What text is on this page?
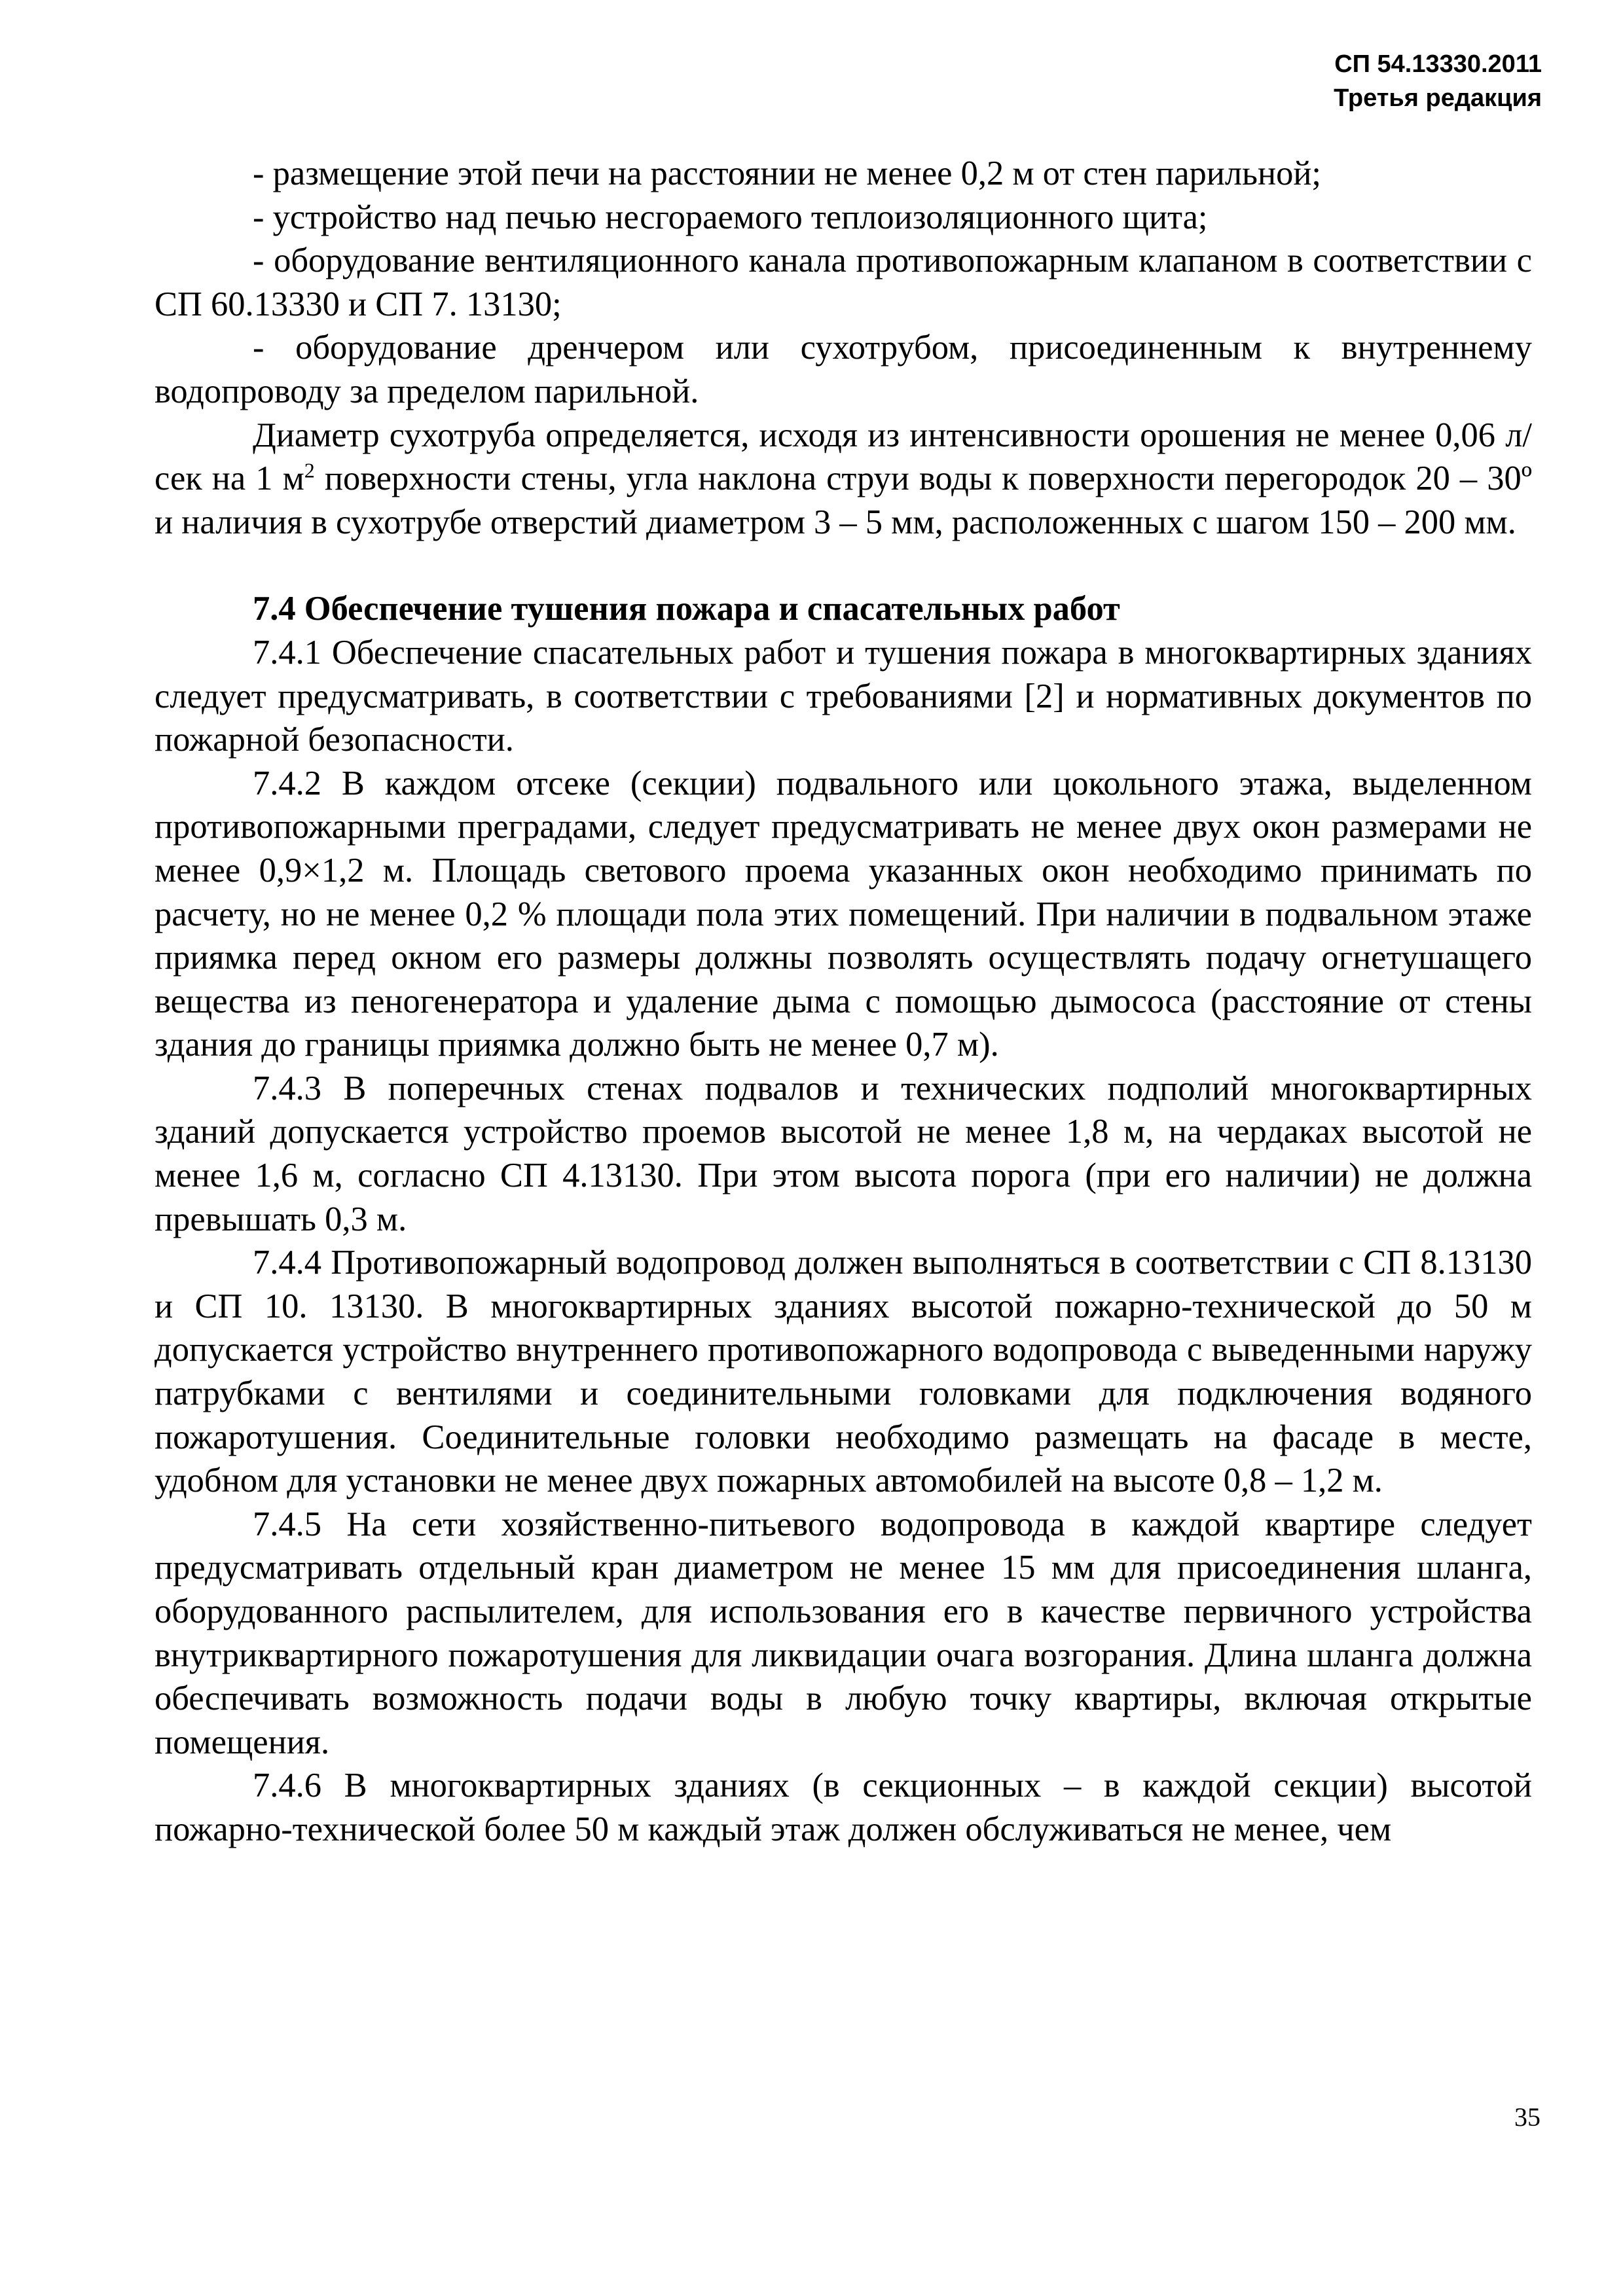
СП 54.13330.2011
Третья редакция

- размещение этой печи на расстоянии не менее 0,2 м от стен парильной;

- устройство над печью несгораемого теплоизоляционного щита;

- оборудование вентиляционного канала противопожарным клапаном в соответствии с СП 60.13330 и СП 7. 13130;

- оборудование дренчером или сухотрубом, присоединенным к внутреннему водопроводу за пределом парильной.

Диаметр сухотруба определяется, исходя из интенсивности орошения не менее 0,06 л/сек на 1 $м^2$ поверхности стены, угла наклона струи воды к поверхности перегородок 20 – 30º и наличия в сухотрубе отверстий диаметром 3 – 5 мм, расположенных с шагом 150 – 200 мм.

7.4 Обеспечение тушения пожара и спасательных работ

7.4.1 Обеспечение спасательных работ и тушения пожара в многоквартирных зданиях следует предусматривать, в соответствии с требованиями [2] и нормативных документов по пожарной безопасности.

7.4.2 В каждом отсеке (секции) подвального или цокольного этажа, выделенном противопожарными преградами, следует предусматривать не менее двух окон размерами не менее 0,9×1,2 м. Площадь светового проема указанных окон необходимо принимать по расчету, но не менее 0,2 % площади пола этих помещений. При наличии в подвальном этаже приямка перед окном его размеры должны позволять осуществлять подачу огнетушащего вещества из пеногенератора и удаление дыма с помощью дымососа (расстояние от стены здания до границы приямка должно быть не менее 0,7 м).

7.4.3 В поперечных стенах подвалов и технических подполий многоквартирных зданий допускается устройство проемов высотой не менее 1,8 м, на чердаках высотой не менее 1,6 м, согласно СП 4.13130. При этом высота порога (при его наличии) не должна превышать 0,3 м.

7.4.4 Противопожарный водопровод должен выполняться в соответствии с СП 8.13130 и СП 10. 13130. В многоквартирных зданиях высотой пожарно-технической до 50 м допускается устройство внутреннего противопожарного водопровода с выведенными наружу патрубками с вентилями и соединительными головками для подключения водяного пожаротушения. Соединительные головки необходимо размещать на фасаде в месте, удобном для установки не менее двух пожарных автомобилей на высоте 0,8 – 1,2 м.

7.4.5 На сети хозяйственно-питьевого водопровода в каждой квартире следует предусматривать отдельный кран диаметром не менее 15 мм для присоединения шланга, оборудованного распылителем, для использования его в качестве первичного устройства внутриквартирного пожаротушения для ликвидации очага возгорания. Длина шланга должна обеспечивать возможность подачи воды в любую точку квартиры, включая открытые помещения.

7.4.6 В многоквартирных зданиях (в секционных – в каждой секции) высотой пожарно-технической более 50 м каждый этаж должен обслуживаться не менее, чем

35
